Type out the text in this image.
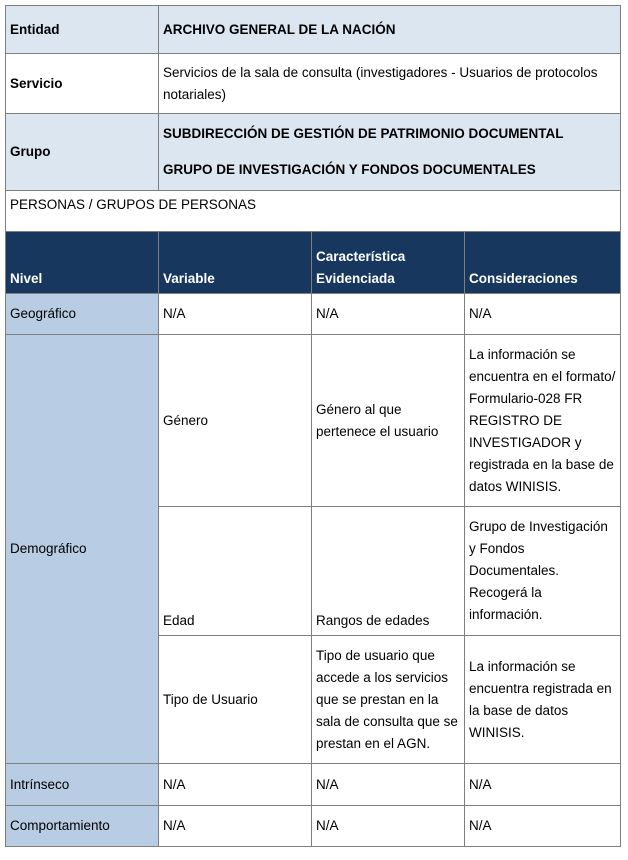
Entidad	ARCHIVO GENERAL DE LA NACIÓN		
Servicio	Servicios de la sala de consulta (investigadores - Usuarios de protocolos notariales)		
Grupo	SUBDIRECCIÓN DE GESTIÓN DE PATRIMONIO DOCUMENTAL
GRUPO DE INVESTIGACIÓN Y FONDOS DOCUMENTALES		

PERSONAS / GRUPOS DE PERSONAS			
Nivel	Variable	Característica Evidenciada	Consideraciones
Geográfico	N/A	N/A	N/A
Demográfico	Género	Género al que pertenece el usuario	La información se encuentra en el formato/ Formulario-028 FR REGISTRO DE INVESTIGADOR y registrada en la base de datos WINISIS.
	Edad	Rangos de edades	Grupo de Investigación y Fondos Documentales. Recogerá la información.
	Tipo de Usuario	Tipo de usuario que accede a los servicios que se prestan en la sala de consulta que se prestan en el AGN.	La información se encuentra registrada en la base de datos WINISIS.
Intrínseco	N/A	N/A	N/A
Comportamiento	N/A	N/A	N/A
